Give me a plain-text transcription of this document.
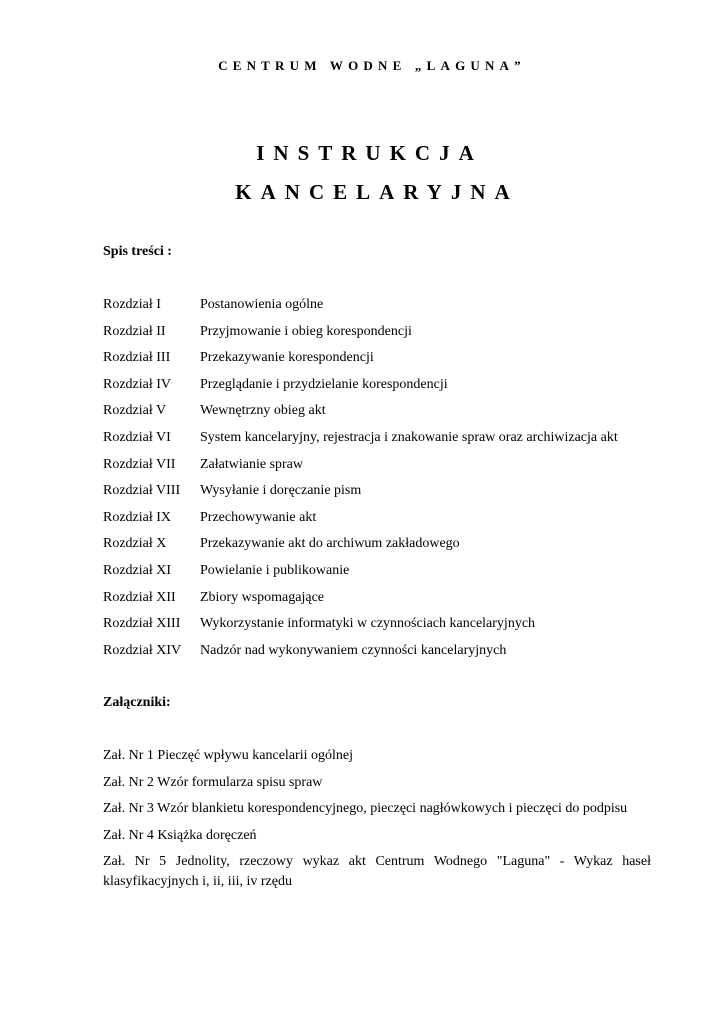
CENTRUM WODNE „LAGUNA”
INSTRUKCJA
KANCELARYJNA
Spis treści :
Rozdział I	Postanowienia ogólne
Rozdział II Przyjmowanie i obieg korespondencji
Rozdział III Przekazywanie korespondencji
Rozdział IV Przeglądanie i przydzielanie korespondencji
Rozdział V Wewnętrzny obieg akt
Rozdział VI System kancelaryjny, rejestracja i znakowanie spraw oraz archiwizacja akt
Rozdział VII Załatwianie spraw
Rozdział VIII Wysyłanie i doręczanie pism
Rozdział IX Przechowywanie akt
Rozdział X Przekazywanie akt do archiwum zakładowego
Rozdział XI Powielanie i publikowanie
Rozdział XII Zbiory wspomagające
Rozdział XIII Wykorzystanie informatyki w czynnościach kancelaryjnych
Rozdział XIV Nadzór nad wykonywaniem czynności kancelaryjnych
Załączniki:
Zał. Nr 1 Pieczęć wpływu kancelarii ogólnej
Zał. Nr 2 Wzór formularza spisu spraw
Zał. Nr 3 Wzór blankietu korespondencyjnego, pieczęci nagłówkowych i pieczęci do podpisu
Zał. Nr 4 Książka doręczeń
Zał. Nr 5 Jednolity, rzeczowy wykaz akt Centrum Wodnego "Laguna" - Wykaz haseł klasyfikacyjnych i, ii, iii, iv rzędu
